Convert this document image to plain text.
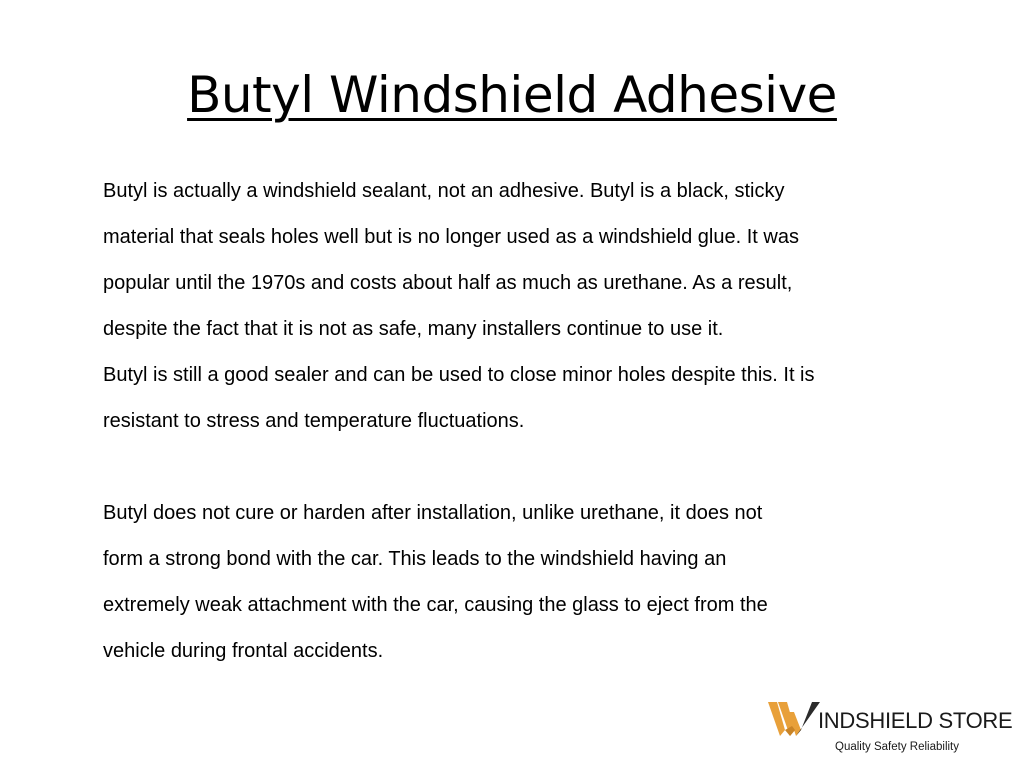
Butyl Windshield Adhesive

Butyl is actually a windshield sealant, not an adhesive. Butyl is a black, sticky
material that seals holes well but is no longer used as a windshield glue. It was
popular until the 1970s and costs about half as much as urethane. As a result,
despite the fact that it is not as safe, many installers continue to use it.

Butyl is still a good sealer and can be used to close minor holes despite this. It is
resistant to stress and temperature fluctuations.

Butyl does not cure or harden after installation, unlike urethane, it does not
form a strong bond with the car. This leads to the windshield having an
extremely weak attachment with the car, causing the glass to eject from the
vehicle during frontal accidents.

INDSHIELD STORE
Quality Safety Reliability
